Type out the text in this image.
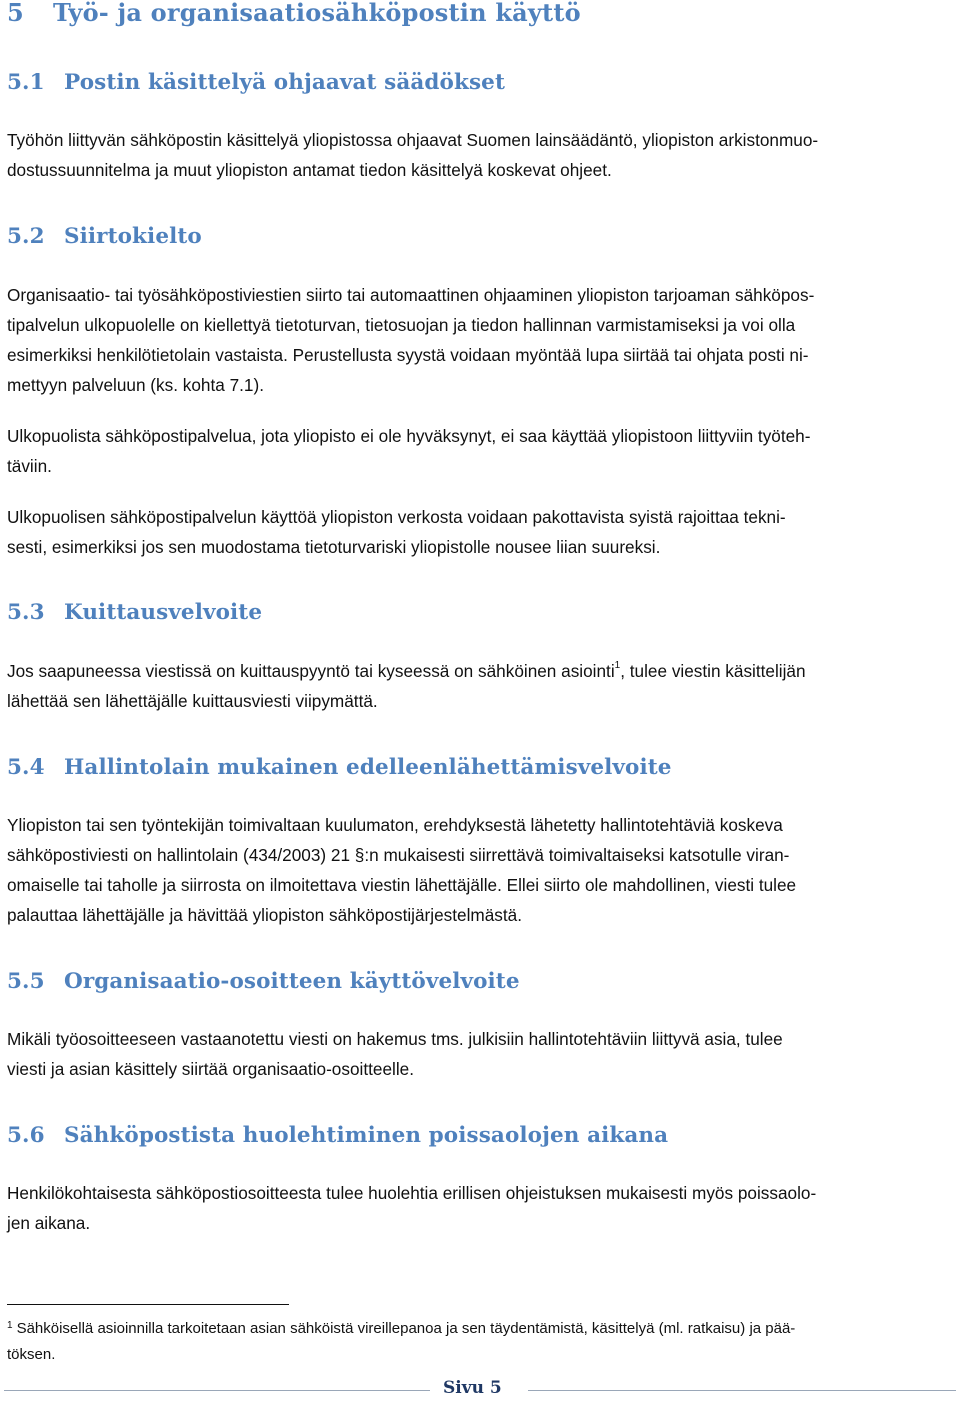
5 Työ- ja organisaatiosähköpostin käyttö
5.1 Postin käsittelyä ohjaavat säädökset

Työhön liittyvän sähköpostin käsittelyä yliopistossa ohjaavat Suomen lainsäädäntö, yliopiston arkistonmuo-
dostussuunnitelma ja muut yliopiston antamat tiedon käsittelyä koskevat ohjeet.

5.2 Siirtokielto

Organisaatio- tai työsähköpostiviestien siirto tai automaattinen ohjaaminen yliopiston tarjoaman sähköpos-
tipalvelun ulkopuolelle on kiellettyä tietoturvan, tietosuojan ja tiedon hallinnan varmistamiseksi ja voi olla
esimerkiksi henkilötietolain vastaista. Perustellusta syystä voidaan myöntää lupa siirtää tai ohjata posti ni-
mettyyn palveluun (ks. kohta 7.1).

Ulkopuolista sähköpostipalvelua, jota yliopisto ei ole hyväksynyt, ei saa käyttää yliopistoon liittyviin työteh-
täviin.

Ulkopuolisen sähköpostipalvelun käyttöä yliopiston verkosta voidaan pakottavista syistä rajoittaa tekni-
sesti, esimerkiksi jos sen muodostama tietoturvariski yliopistolle nousee liian suureksi.

5.3 Kuittausvelvoite

Jos saapuneessa viestissä on kuittauspyyntö tai kyseessä on sähköinen asiointi$^1$, tulee viestin käsittelijän
lähettää sen lähettäjälle kuittausviesti viipymättä.

5.4 Hallintolain mukainen edelleenlähettämisvelvoite

Yliopiston tai sen työntekijän toimivaltaan kuulumaton, erehdyksestä lähetetty hallintotehtäviä koskeva
sähköpostiviesti on hallintolain (434/2003) 21 §:n mukaisesti siirrettävä toimivaltaiseksi katsotulle viran-
omaiselle tai taholle ja siirrosta on ilmoitettava viestin lähettäjälle. Ellei siirto ole mahdollinen, viesti tulee
palauttaa lähettäjälle ja hävittää yliopiston sähköpostijärjestelmästä.

5.5 Organisaatio-osoitteen käyttövelvoite

Mikäli työosoitteeseen vastaanotettu viesti on hakemus tms. julkisiin hallintotehtäviin liittyvä asia, tulee
viesti ja asian käsittely siirtää organisaatio-osoitteelle.

5.6 Sähköpostista huolehtiminen poissaolojen aikana

Henkilökohtaisesta sähköpostiosoitteesta tulee huolehtia erillisen ohjeistuksen mukaisesti myös poissaolo-
jen aikana.

$^1$ Sähköisellä asioinnilla tarkoitetaan asian sähköistä vireillepanoa ja sen täydentämistä, käsittelyä (ml. ratkaisu) ja pää-
töksen.
Sivu 5
